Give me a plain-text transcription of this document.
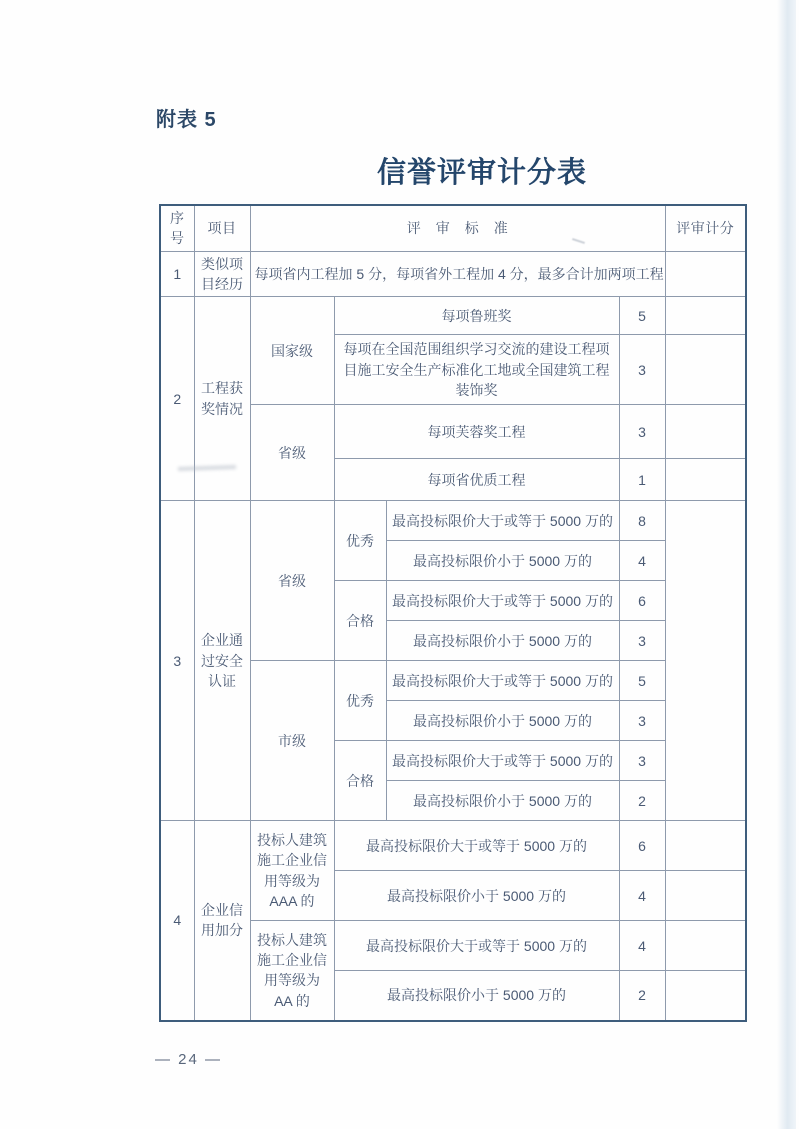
附表 5
信誉评审计分表
序号	项目	评　审　标　准				评审计分
1	类似项目经历	每项省内工程加 5 分，每项省外工程加 4 分，最多合计加两项工程				
2	工程获奖情况	国家级	每项鲁班奖		5	
			每项在全国范围组织学习交流的建设工程项目施工安全生产标准化工地或全国建筑工程装饰奖		3	
		省级	每项芙蓉奖工程		3	
			每项省优质工程		1	
3	企业通过安全认证	省级	优秀	最高投标限价大于或等于 5000 万的	8	
				最高投标限价小于 5000 万的	4	
			合格	最高投标限价大于或等于 5000 万的	6	
				最高投标限价小于 5000 万的	3	
		市级	优秀	最高投标限价大于或等于 5000 万的	5	
				最高投标限价小于 5000 万的	3	
			合格	最高投标限价大于或等于 5000 万的	3	
				最高投标限价小于 5000 万的	2	
4	企业信用加分	投标人建筑施工企业信用等级为 AAA 的	最高投标限价大于或等于 5000 万的		6	
			最高投标限价小于 5000 万的		4	
		投标人建筑施工企业信用等级为 AA 的	最高投标限价大于或等于 5000 万的		4	
			最高投标限价小于 5000 万的		2	
— 24 —
